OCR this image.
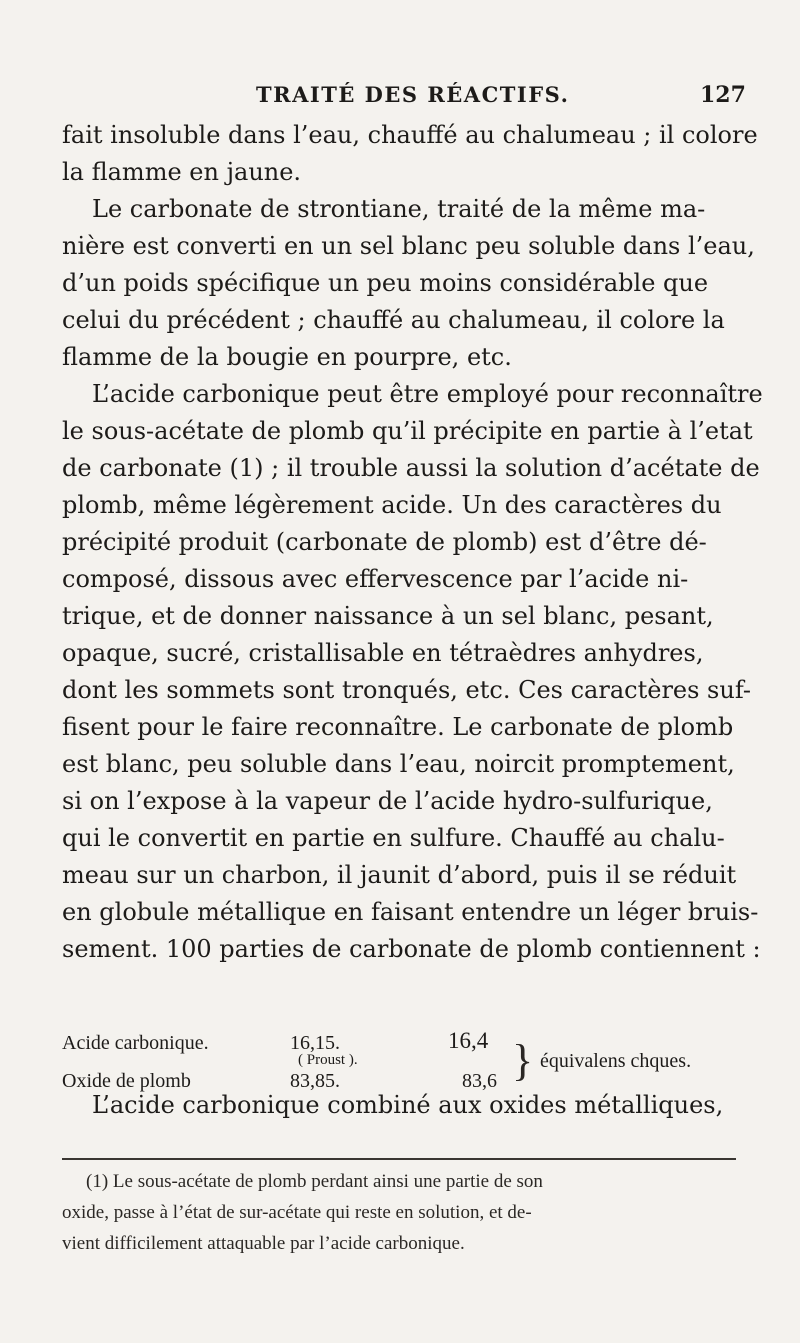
TRAITÉ DES RÉACTIFS.	127
fait insoluble dans l’eau, chauffé au chalumeau ; il colore
la flamme en jaune.
Le carbonate de strontiane, traité de la même ma-
nière est converti en un sel blanc peu soluble dans l’eau,
d’un poids spécifique un peu moins considérable que
celui du précédent ; chauffé au chalumeau, il colore la
flamme de la bougie en pourpre, etc.
L’acide carbonique peut être employé pour reconnaître
le sous-acétate de plomb qu’il précipite en partie à l’etat
de carbonate (1) ; il trouble aussi la solution d’acétate de
plomb, même légèrement acide. Un des caractères du
précipité produit (carbonate de plomb) est d’être dé-
composé, dissous avec effervescence par l’acide ni-
trique, et de donner naissance à un sel blanc, pesant,
opaque, sucré, cristallisable en tétraèdres anhydres,
dont les sommets sont tronqués, etc. Ces caractères suf-
fisent pour le faire reconnaître. Le carbonate de plomb
est blanc, peu soluble dans l’eau, noircit promptement,
si on l’expose à la vapeur de l’acide hydro-sulfurique,
qui le convertit en partie en sulfure. Chauffé au chalu-
meau sur un charbon, il jaunit d’abord, puis il se réduit
en globule métallique en faisant entendre un léger bruis-
sement. 100 parties de carbonate de plomb contiennent :
Acide carbonique.	16,15.	16,4
( Proust ).
Oxide de plomb	83,85.	83,6 } équivalens chques.
L’acide carbonique combiné aux oxides métalliques,
(1) Le sous-acétate de plomb perdant ainsi une partie de son
oxide, passe à l’état de sur-acétate qui reste en solution, et de-
vient difficilement attaquable par l’acide carbonique.
